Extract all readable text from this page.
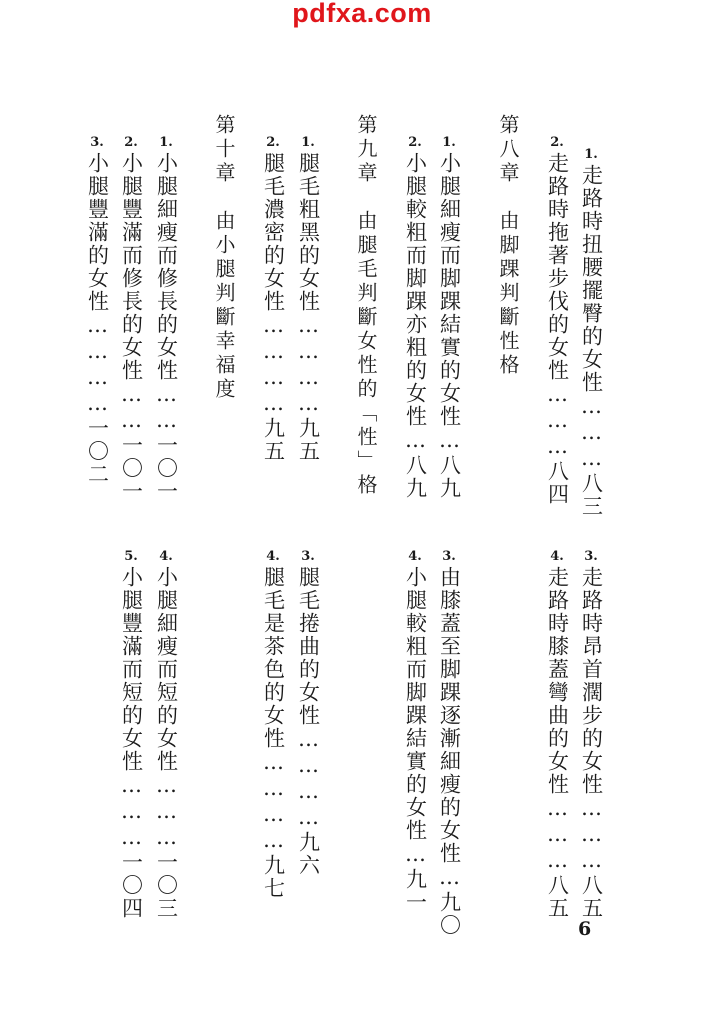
pdfxa.com
1.
走路時扭腰擺臀的女性………八三
2.
走路時拖著步伐的女性………八四
第八章　由脚踝判斷性格
1.
小腿細瘦而脚踝結實的女性…八九
2.
小腿較粗而脚踝亦粗的女性…八九
第九章　由腿毛判斷女性的「性」格
1.
腿毛粗黑的女性…………九五
2.
腿毛濃密的女性…………九五
第十章　由小腿判斷幸福度
1.
小腿細瘦而修長的女性……一〇一
2.
小腿豐滿而修長的女性……一〇一
3.
小腿豐滿的女性…………一〇二
3.
走路時昂首濶步的女性………八五
4.
走路時膝蓋彎曲的女性………八五
3.
由膝蓋至脚踝逐漸細瘦的女性…九〇
4.
小腿較粗而脚踝結實的女性…九一
3.
腿毛捲曲的女性…………九六
4.
腿毛是茶色的女性…………九七
4.
小腿細瘦而短的女性………一〇三
5.
小腿豐滿而短的女性………一〇四
6
